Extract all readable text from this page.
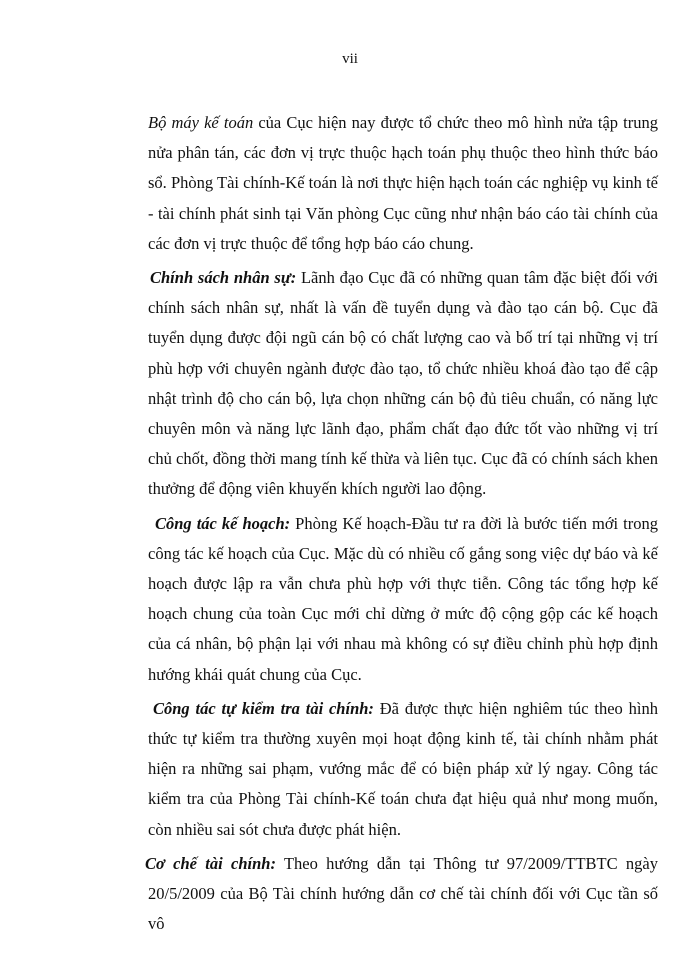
vii

Bộ máy kế toán của Cục hiện nay được tổ chức theo mô hình nửa tập trung nửa phân tán, các đơn vị trực thuộc hạch toán phụ thuộc theo hình thức báo sổ. Phòng Tài chính-Kế toán là nơi thực hiện hạch toán các nghiệp vụ kinh tế - tài chính phát sinh tại Văn phòng Cục cũng như nhận báo cáo tài chính của các đơn vị trực thuộc để tổng hợp báo cáo chung.

Chính sách nhân sự: Lãnh đạo Cục đã có những quan tâm đặc biệt đối với chính sách nhân sự, nhất là vấn đề tuyển dụng và đào tạo cán bộ. Cục đã tuyển dụng được đội ngũ cán bộ có chất lượng cao và bố trí tại những vị trí phù hợp với chuyên ngành được đào tạo, tổ chức nhiều khoá đào tạo để cập nhật trình độ cho cán bộ, lựa chọn những cán bộ đủ tiêu chuẩn, có năng lực chuyên môn và năng lực lãnh đạo, phẩm chất đạo đức tốt vào những vị trí chủ chốt, đồng thời mang tính kế thừa và liên tục. Cục đã có chính sách khen thưởng để động viên khuyến khích người lao động.

Công tác kế hoạch: Phòng Kế hoạch-Đầu tư ra đời là bước tiến mới trong công tác kế hoạch của Cục. Mặc dù có nhiều cố gắng song việc dự báo và kế hoạch được lập ra vẫn chưa phù hợp với thực tiễn. Công tác tổng hợp kế hoạch chung của toàn Cục mới chỉ dừng ở mức độ cộng gộp các kế hoạch của cá nhân, bộ phận lại với nhau mà không có sự điều chỉnh phù hợp định hướng khái quát chung của Cục.

Công tác tự kiểm tra tài chính: Đã được thực hiện nghiêm túc theo hình thức tự kiểm tra thường xuyên mọi hoạt động kinh tế, tài chính nhằm phát hiện ra những sai phạm, vướng mắc để có biện pháp xử lý ngay. Công tác kiểm tra của Phòng Tài chính-Kế toán chưa đạt hiệu quả như mong muốn, còn nhiều sai sót chưa được phát hiện.

Cơ chế tài chính: Theo hướng dẫn tại Thông tư 97/2009/TTBTC ngày 20/5/2009 của Bộ Tài chính hướng dẫn cơ chế tài chính đối với Cục tần số vô
